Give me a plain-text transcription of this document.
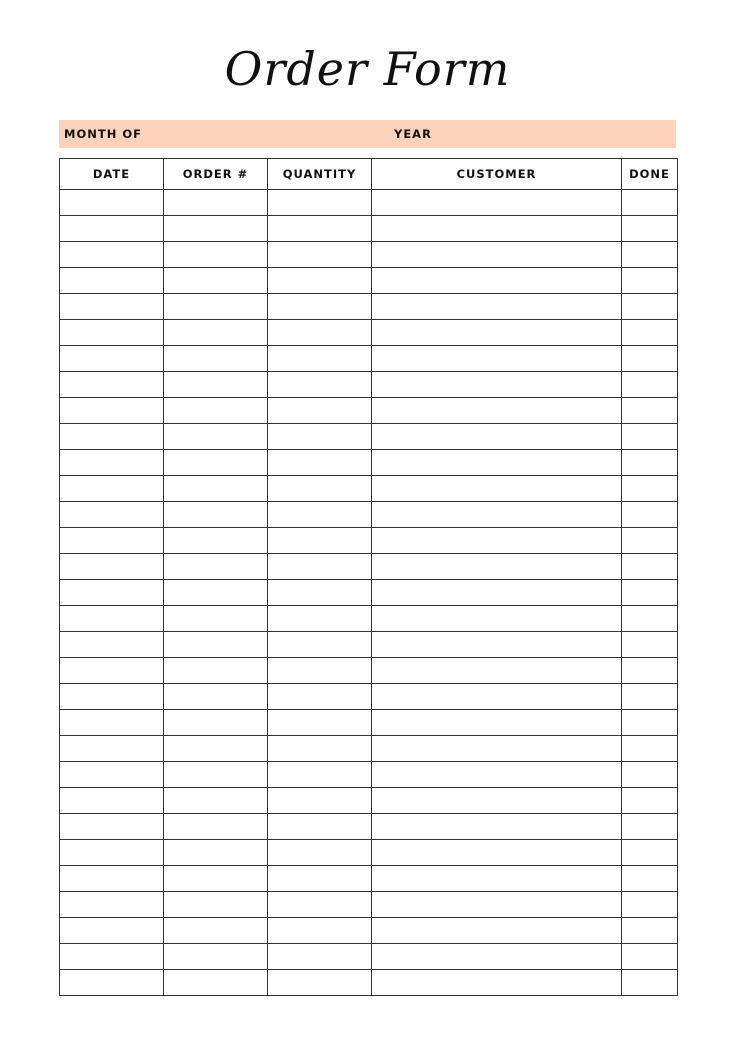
Order Form
MONTH OF	YEAR
DATE	ORDER #	QUANTITY	CUSTOMER	DONE
